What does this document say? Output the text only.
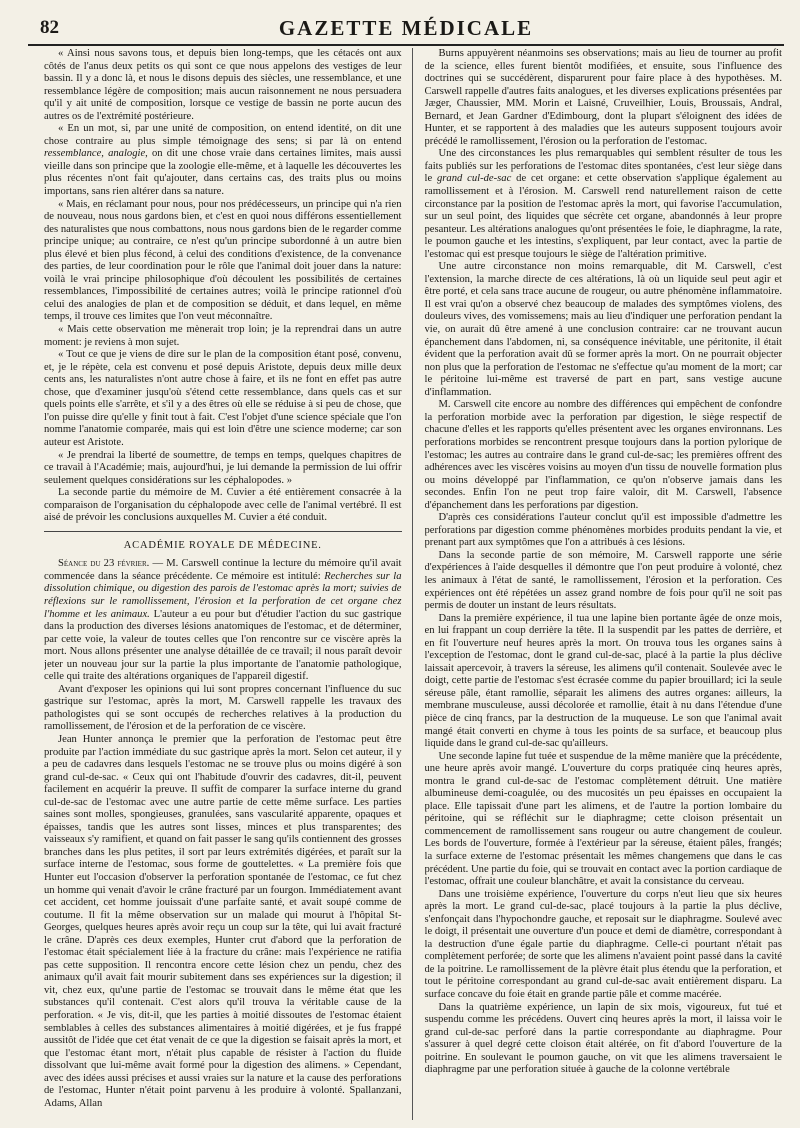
82	GAZETTE MÉDICALE

« Ainsi nous savons tous, et depuis bien long-temps, que les cétacés ont aux côtés de l'anus deux petits os qui sont ce que nous appelons des vestiges de leur bassin. Il y a donc là, et nous le disons depuis des siècles, une ressemblance, et une ressemblance légère de composition; mais aucun raisonnement ne nous persuadera qu'il y ait unité de composition, lorsque ce vestige de bassin ne porte aucun des autres os de l'extrémité postérieure.

« En un mot, si, par une unité de composition, on entend identité, on dit une chose contraire au plus simple témoignage des sens; si par là on entend ressemblance, analogie, on dit une chose vraie dans certaines limites, mais aussi vieille dans son principe que la zoologie elle-même, et à laquelle les découvertes les plus récentes n'ont fait qu'ajouter, dans certains cas, des traits plus ou moins importans, sans rien altérer dans sa nature.

« Mais, en réclamant pour nous, pour nos prédécesseurs, un principe qui n'a rien de nouveau, nous nous gardons bien, et c'est en quoi nous différons essentiellement des naturalistes que nous combattons, nous nous gardons bien de le regarder comme principe unique; au contraire, ce n'est qu'un principe subordonné à un autre bien plus élevé et bien plus fécond, à celui des conditions d'existence, de la convenance des parties, de leur coordination pour le rôle que l'animal doit jouer dans la nature: voilà le vrai principe philosophique d'où découlent les possibilités de certaines ressemblances, l'impossibilité de certaines autres; voilà le principe rationnel d'où celui des analogies de plan et de composition se déduit, et dans lequel, en même temps, il trouve ces limites que l'on veut méconnaître.

« Mais cette observation me mènerait trop loin; je la reprendrai dans un autre moment: je reviens à mon sujet.

« Tout ce que je viens de dire sur le plan de la composition étant posé, convenu, et, je le répète, cela est convenu et posé depuis Aristote, depuis deux mille deux cents ans, les naturalistes n'ont autre chose à faire, et ils ne font en effet pas autre chose, que d'examiner jusqu'où s'étend cette ressemblance, dans quels cas et sur quels points elle s'arrête, et s'il y a des êtres où elle se réduise à si peu de chose, que l'on puisse dire qu'elle y finit tout à fait. C'est l'objet d'une science spéciale que l'on nomme l'anatomie comparée, mais qui est loin d'être une science moderne; car son auteur est Aristote.

« Je prendrai la liberté de soumettre, de temps en temps, quelques chapitres de ce travail à l'Académie; mais, aujourd'hui, je lui demande la permission de lui offrir seulement quelques considérations sur les céphalopodes. »

La seconde partie du mémoire de M. Cuvier a été entièrement consacrée à la comparaison de l'organisation du céphalopode avec celle de l'animal vertébré. Il est aisé de prévoir les conclusions auxquelles M. Cuvier a été conduit.

ACADÉMIE ROYALE DE MÉDECINE.

Séance du 23 février. — M. Carswell continue la lecture du mémoire qu'il avait commencée dans la séance précédente. Ce mémoire est intitulé: Recherches sur la dissolution chimique, ou digestion des parois de l'estomac après la mort; suivies de réflexions sur le ramollissement, l'érosion et la perforation de cet organe chez l'homme et les animaux. L'auteur a eu pour but d'étudier l'action du suc gastrique dans la production des diverses lésions anatomiques de l'estomac, et de déterminer, par cette voie, la valeur de toutes celles que l'on rencontre sur ce viscère après la mort. Nous allons présenter une analyse détaillée de ce travail; il nous paraît devoir jeter un nouveau jour sur la partie la plus importante de l'anatomie pathologique, celle qui traite des altérations organiques de l'appareil digestif.

Avant d'exposer les opinions qui lui sont propres concernant l'influence du suc gastrique sur l'estomac, après la mort, M. Carswell rappelle les travaux des pathologistes qui se sont occupés de recherches relatives à la production du ramollissement, de l'érosion et de la perforation de ce viscère.

Jean Hunter annonça le premier que la perforation de l'estomac peut être produite par l'action immédiate du suc gastrique après la mort. Selon cet auteur, il y a peu de cadavres dans lesquels l'estomac ne se trouve plus ou moins digéré à son grand cul-de-sac. « Ceux qui ont l'habitude d'ouvrir des cadavres, dit-il, peuvent facilement en acquérir la preuve. Il suffit de comparer la surface interne du grand cul-de-sac de l'estomac avec une autre partie de cette même surface. Les parties saines sont molles, spongieuses, granulées, sans vascularité apparente, opaques et épaisses, tandis que les autres sont lisses, minces et plus transparentes; des vaisseaux s'y ramifient, et quand on fait passer le sang qu'ils contiennent des grosses branches dans les plus petites, il sort par leurs extrémités digérées, et paraît sur la surface interne de l'estomac, sous forme de gouttelettes. « La première fois que Hunter eut l'occasion d'observer la perforation spontanée de l'estomac, ce fut chez un homme qui venait d'avoir le crâne fracturé par un fourgon. Immédiatement avant cet accident, cet homme jouissait d'une parfaite santé, et avait soupé comme de coutume. Il fit la même observation sur un malade qui mourut à l'hôpital St-Georges, quelques heures après avoir reçu un coup sur la tête, qui lui avait fracturé le crâne. D'après ces deux exemples, Hunter crut d'abord que la perforation de l'estomac était spécialement liée à la fracture du crâne: mais l'expérience ne ratifia pas cette supposition. Il rencontra encore cette lésion chez un pendu, chez des animaux qu'il avait fait mourir subitement dans ses expériences sur la digestion; il vit, chez eux, qu'une partie de l'estomac se trouvait dans le même état que les substances qu'il contenait. C'est alors qu'il trouva la véritable cause de la perforation. « Je vis, dit-il, que les parties à moitié dissoutes de l'estomac étaient semblables à celles des substances alimentaires à moitié digérées, et je fus frappé aussitôt de l'idée que cet état venait de ce que la digestion se faisait après la mort, et que l'estomac étant mort, n'était plus capable de résister à l'action du fluide dissolvant que lui-même avait formé pour la digestion des alimens. » Cependant, avec des idées aussi précises et aussi vraies sur la nature et la cause des perforations de l'estomac, Hunter n'était point parvenu à les produire à volonté. Spallanzani, Adams, Allan

Burns appuyèrent néanmoins ses observations; mais au lieu de tourner au profit de la science, elles furent bientôt modifiées, et ensuite, sous l'influence des doctrines qui se succédèrent, disparurent pour faire place à des hypothèses. M. Carswell rappelle d'autres faits analogues, et les diverses explications présentées par Jæger, Chaussier, MM. Morin et Laisné, Cruveilhier, Louis, Broussais, Andral, Bernard, et Jean Gardner d'Edimbourg, dont la plupart s'éloignent des idées de Hunter, et se rapportent à des maladies que les auteurs supposent toujours avoir précédé le ramollissement, l'érosion ou la perforation de l'estomac.

Une des circonstances les plus remarquables qui semblent résulter de tous les faits publiés sur les perforations de l'estomac dites spontanées, c'est leur siège dans le grand cul-de-sac de cet organe: et cette observation s'applique également au ramollissement et à l'érosion. M. Carswell rend naturellement raison de cette circonstance par la position de l'estomac après la mort, qui favorise l'accumulation, sur un seul point, des liquides que sécrète cet organe, abandonnés à leur propre pesanteur. Les altérations analogues qu'ont présentées le foie, le diaphragme, la rate, le poumon gauche et les intestins, s'expliquent, par leur contact, avec la partie de l'estomac qui est presque toujours le siège de l'altération primitive.

Une autre circonstance non moins remarquable, dit M. Carswell, c'est l'extension, la marche directe de ces altérations, là où un liquide seul peut agir et être porté, et cela sans trace aucune de rougeur, ou autre phénomène inflammatoire. Il est vrai qu'on a observé chez beaucoup de malades des symptômes violens, des douleurs vives, des vomissemens; mais au lieu d'indiquer une perforation pendant la vie, on aurait dû être amené à une conclusion contraire: car ne trouvant aucun épanchement dans l'abdomen, ni, sa conséquence inévitable, une péritonite, il était évident que la perforation avait dû se former après la mort. On ne pourrait objecter non plus que la perforation de l'estomac ne s'effectue qu'au moment de la mort; car le péritoine lui-même est traversé de part en part, sans vestige aucune d'inflammation.

M. Carswell cite encore au nombre des différences qui empêchent de confondre la perforation morbide avec la perforation par digestion, le siège respectif de chacune d'elles et les rapports qu'elles présentent avec les organes environnans. Les perforations morbides se rencontrent presque toujours dans la portion pylorique de l'estomac; les autres au contraire dans le grand cul-de-sac; les premières offrent des adhérences avec les viscères voisins au moyen d'un tissu de nouvelle formation plus ou moins développé par l'inflammation, ce qu'on n'observe jamais dans les secondes. Enfin l'on ne peut trop faire valoir, dit M. Carswell, l'absence d'épanchement dans les perforations par digestion.

D'après ces considérations l'auteur conclut qu'il est impossible d'admettre les perforations par digestion comme phénomènes morbides produits pendant la vie, et prenant part aux symptômes que l'on a attribués à ces lésions.

Dans la seconde partie de son mémoire, M. Carswell rapporte une série d'expériences à l'aide desquelles il démontre que l'on peut produire à volonté, chez les animaux à l'état de santé, le ramollissement, l'érosion et la perforation. Ces expériences ont été répétées un assez grand nombre de fois pour qu'il ne soit pas permis de douter un instant de leurs résultats.

Dans la première expérience, il tua une lapine bien portante âgée de onze mois, en lui frappant un coup derrière la tête. Il la suspendit par les pattes de derrière, et en fit l'ouverture neuf heures après la mort. On trouva tous les organes sains à l'exception de l'estomac, dont le grand cul-de-sac, placé à la partie la plus déclive laissait apercevoir, à travers la séreuse, les alimens qu'il contenait. Soulevée avec le doigt, cette partie de l'estomac s'est écrasée comme du papier brouillard; ici la seule séreuse pâle, étant ramollie, séparait les alimens des autres organes: ailleurs, la membrane musculeuse, aussi décolorée et ramollie, était à nu dans l'étendue d'une pièce de cinq francs, par la destruction de la muqueuse. Le son que l'animal avait mangé était converti en chyme à tous les points de sa surface, et beaucoup plus liquide dans le grand cul-de-sac qu'ailleurs.

Une seconde lapine fut tuée et suspendue de la même manière que la précédente, une heure après avoir mangé. L'ouverture du corps pratiquée cinq heures après, montra le grand cul-de-sac de l'estomac complètement détruit. Une matière albumineuse demi-coagulée, ou des mucosités un peu épaisses en occupaient la place. Elle tapissait d'une part les alimens, et de l'autre la portion lombaire du péritoine, qui se réfléchit sur le diaphragme; cette cloison présentait un commencement de ramollissement sans rougeur ou autre changement de couleur. Les bords de l'ouverture, formée à l'extérieur par la séreuse, étaient pâles, frangés; la surface externe de l'estomac présentait les mêmes changemens que dans le cas précédent. Une partie du foie, qui se trouvait en contact avec la portion cardiaque de l'estomac, offrait une couleur blanchâtre, et avait la consistance du cerveau.

Dans une troisième expérience, l'ouverture du corps n'eut lieu que six heures après la mort. Le grand cul-de-sac, placé toujours à la partie la plus déclive, s'enfonçait dans l'hypochondre gauche, et reposait sur le diaphragme. Soulevé avec le doigt, il présentait une ouverture d'un pouce et demi de diamètre, correspondant à la destruction d'une égale partie du diaphragme. Celle-ci pourtant n'était pas complètement perforée; de sorte que les alimens n'avaient point passé dans la cavité de la poitrine. Le ramollissement de la plèvre était plus étendu que la perforation, et tout le péritoine correspondant au grand cul-de-sac avait entièrement disparu. La surface concave du foie était en grande partie pâle et comme macérée.

Dans la quatrième expérience, un lapin de six mois, vigoureux, fut tué et suspendu comme les précédens. Ouvert cinq heures après la mort, il laissa voir le grand cul-de-sac perforé dans la partie correspondante au diaphragme. Pour s'assurer à quel degré cette cloison était altérée, on fit d'abord l'ouverture de la poitrine. En soulevant le poumon gauche, on vit que les alimens traversaient le diaphragme par une perforation située à gauche de la colonne vertébrale
